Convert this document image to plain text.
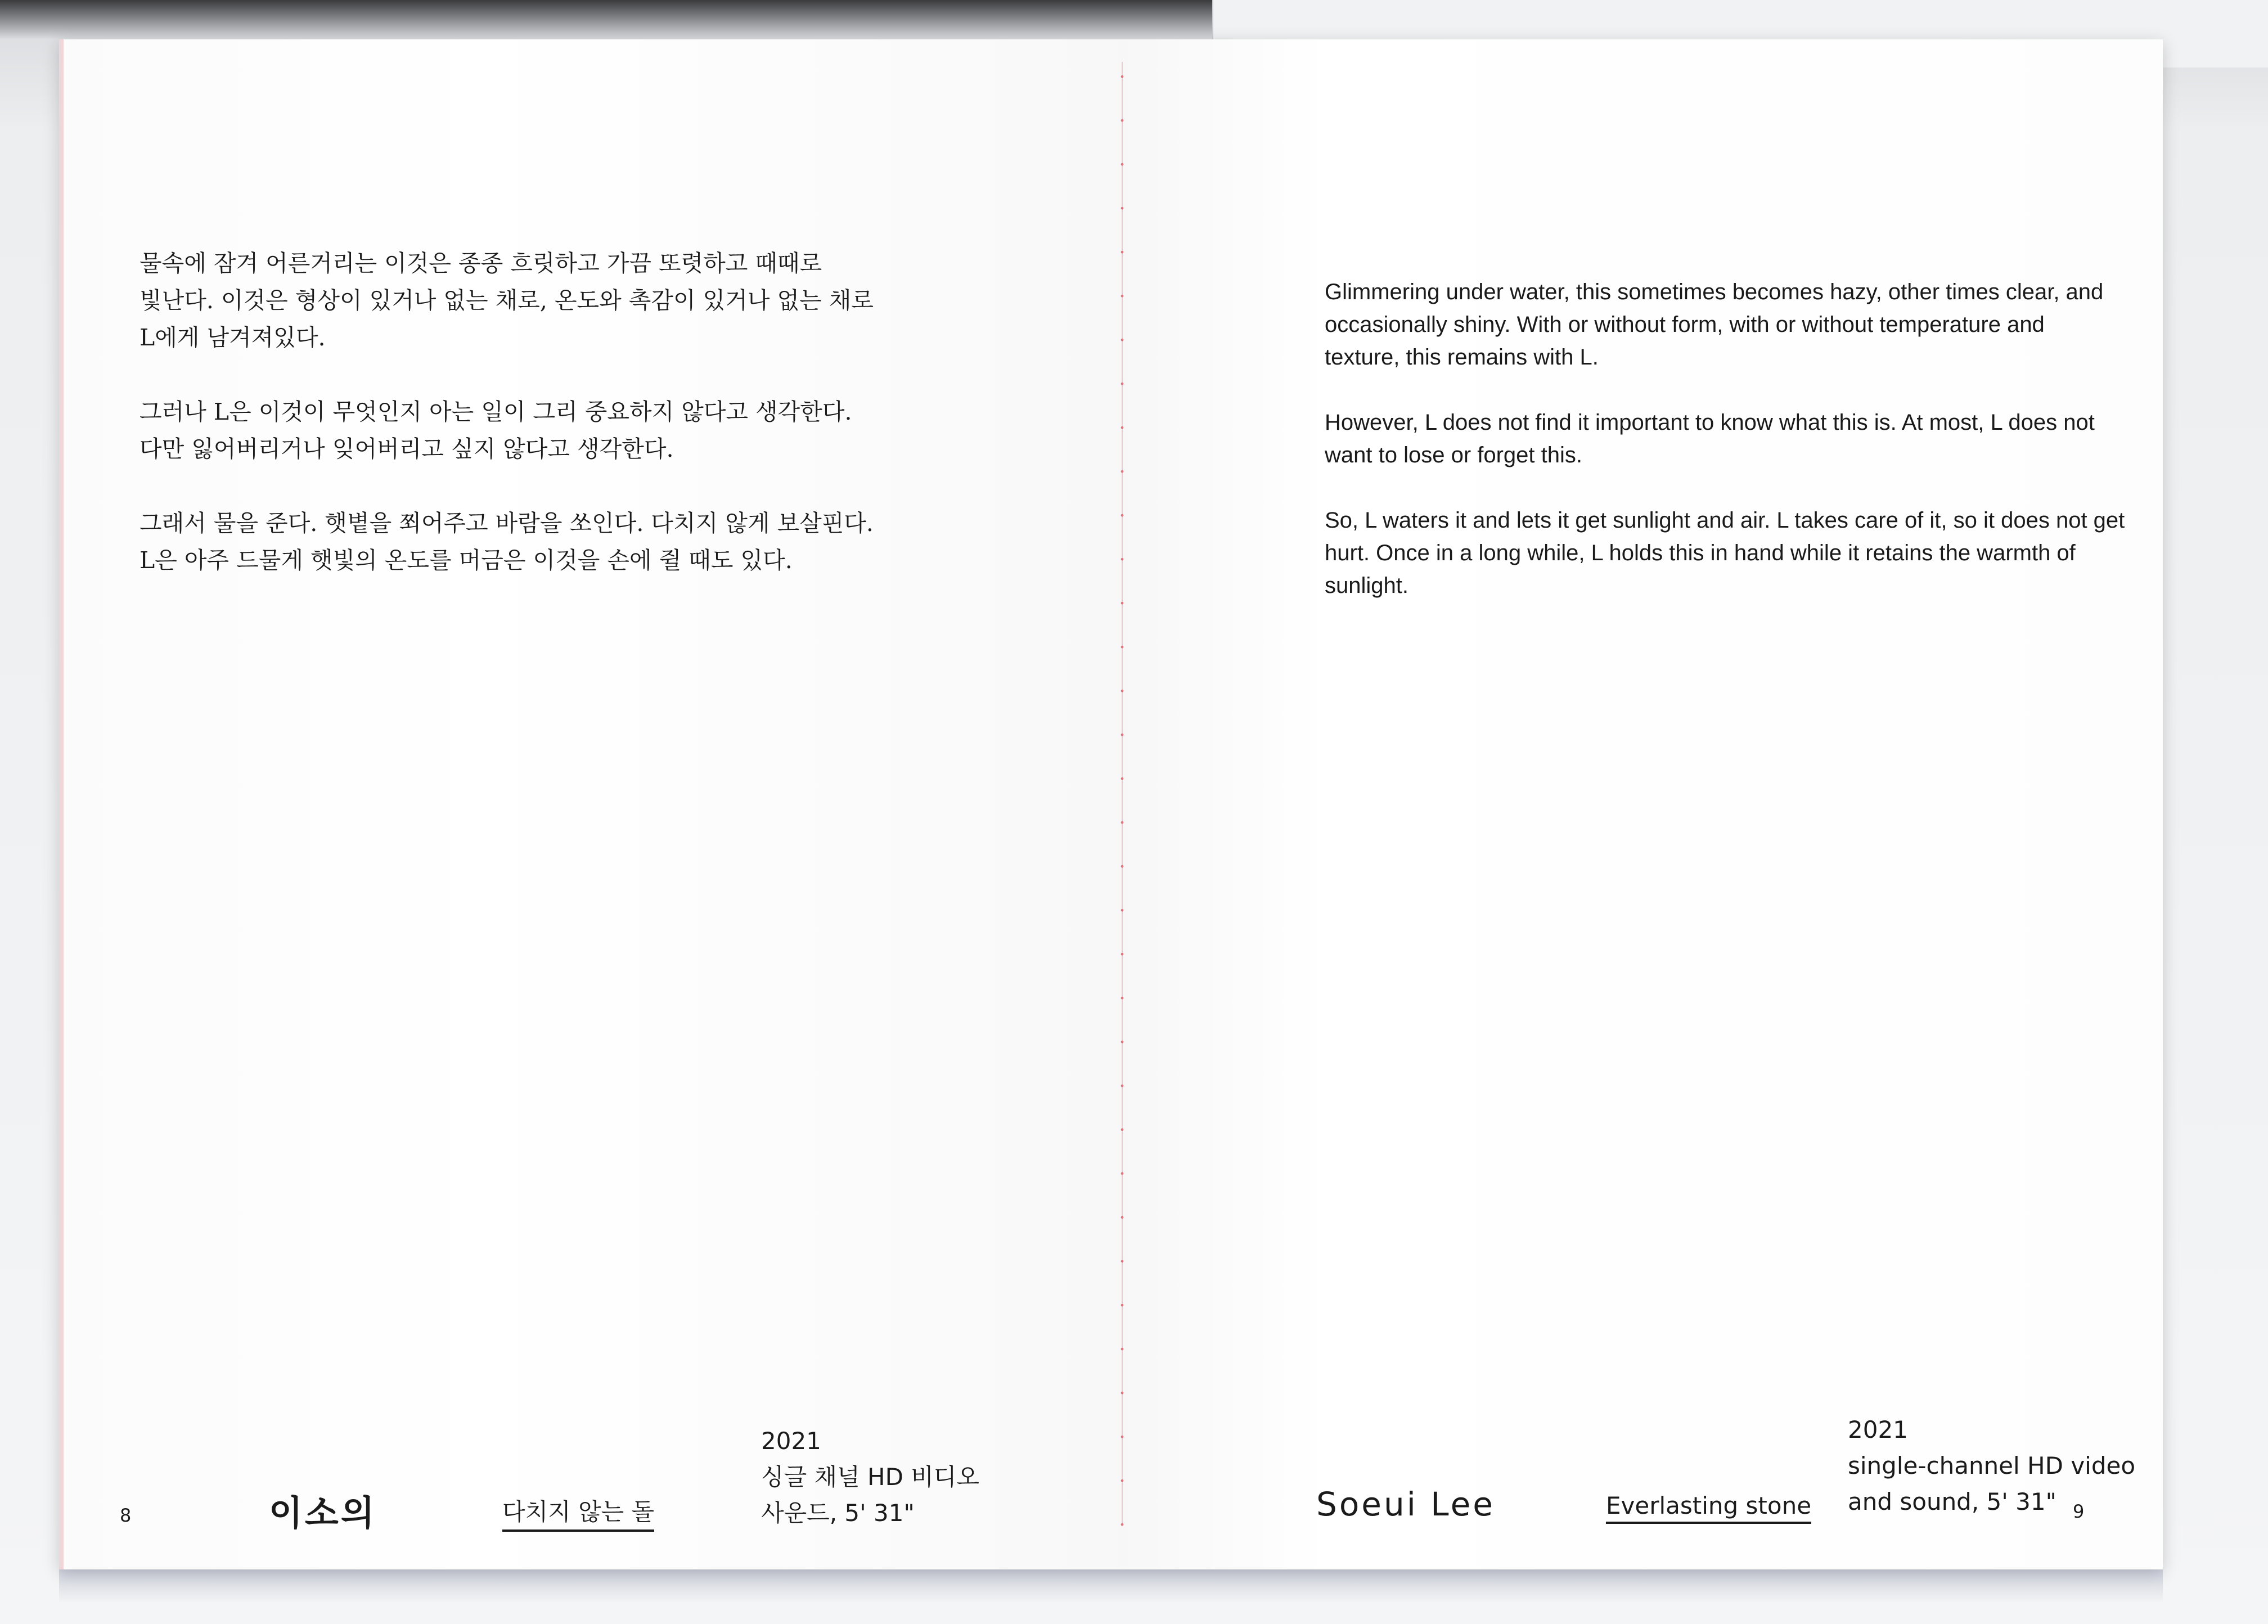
물속에 잠겨 어른거리는 이것은 종종 흐릿하고 가끔 또렷하고 때때로
빛난다. 이것은 형상이 있거나 없는 채로, 온도와 촉감이 있거나 없는 채로
L에게 남겨져있다.

그러나 L은 이것이 무엇인지 아는 일이 그리 중요하지 않다고 생각한다.
다만 잃어버리거나 잊어버리고 싶지 않다고 생각한다.

그래서 물을 준다. 햇볕을 쬐어주고 바람을 쏘인다. 다치지 않게 보살핀다.
L은 아주 드물게 햇빛의 온도를 머금은 이것을 손에 쥘 때도 있다.

8	이소의	다치지 않는 돌
2021
싱글 채널 HD 비디오
사운드, 5' 31"

Glimmering under water, this sometimes becomes hazy, other times clear, and
occasionally shiny. With or without form, with or without temperature and
texture, this remains with L.

However, L does not find it important to know what this is. At most, L does not
want to lose or forget this.

So, L waters it and lets it get sunlight and air. L takes care of it, so it does not get
hurt. Once in a long while, L holds this in hand while it retains the warmth of
sunlight.

Soeui Lee	Everlasting stone
2021
single-channel HD video
and sound, 5' 31" 9
•
•
•
•
•
•
•
•
•
•
•
•
•
•
•
•
•
•
•
•
•
•
•
•
•
•
•
•
•
•
•
•
•
•
